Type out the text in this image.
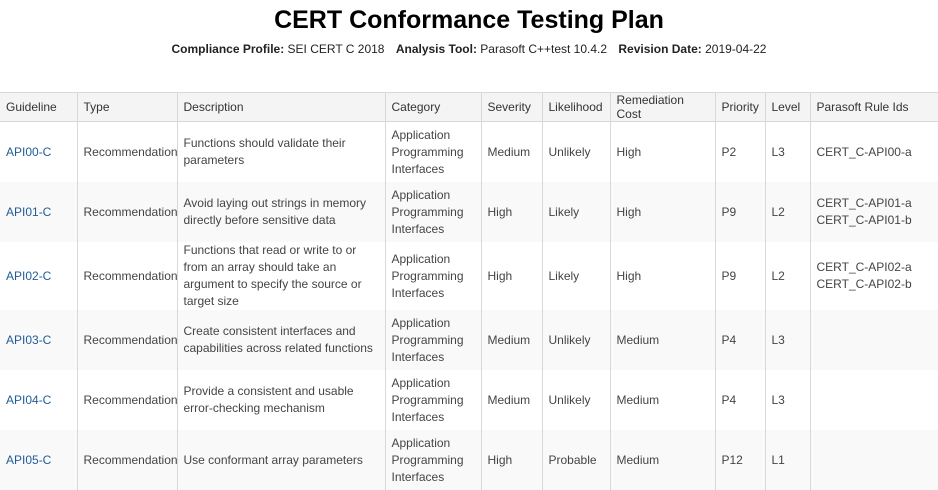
CERT Conformance Testing Plan
Compliance Profile: SEI CERT C 2018 Analysis Tool: Parasoft C++test 10.4.2 Revision Date: 2019-04-22
Guideline	Type	Description	Category	Severity	Likelihood	Remediation Cost	Priority	Level	Parasoft Rule Ids
API00-C	Recommendation	Functions should validate their parameters	Application Programming Interfaces	Medium	Unlikely	High	P2	L3	CERT_C-API00-a

API01-C	Recommendation	Avoid laying out strings in memory directly before sensitive data	Application Programming Interfaces	High	Likely	High	P9	L2	CERT_C-API01-a
CERT_C-API01-b

API02-C	Recommendation	Functions that read or write to or from an array should take an argument to specify the source or target size	Application Programming Interfaces	High	Likely	High	P9	L2	CERT_C-API02-a
CERT_C-API02-b

API03-C	Recommendation	Create consistent interfaces and capabilities across related functions	Application Programming Interfaces	Medium	Unlikely	Medium	P4	L3	
API04-C	Recommendation	Provide a consistent and usable error-checking mechanism	Application Programming Interfaces	Medium	Unlikely	Medium	P4	L3	
API05-C	Recommendation	Use conformant array parameters	Application Programming Interfaces	High	Probable	Medium	P12	L1	
